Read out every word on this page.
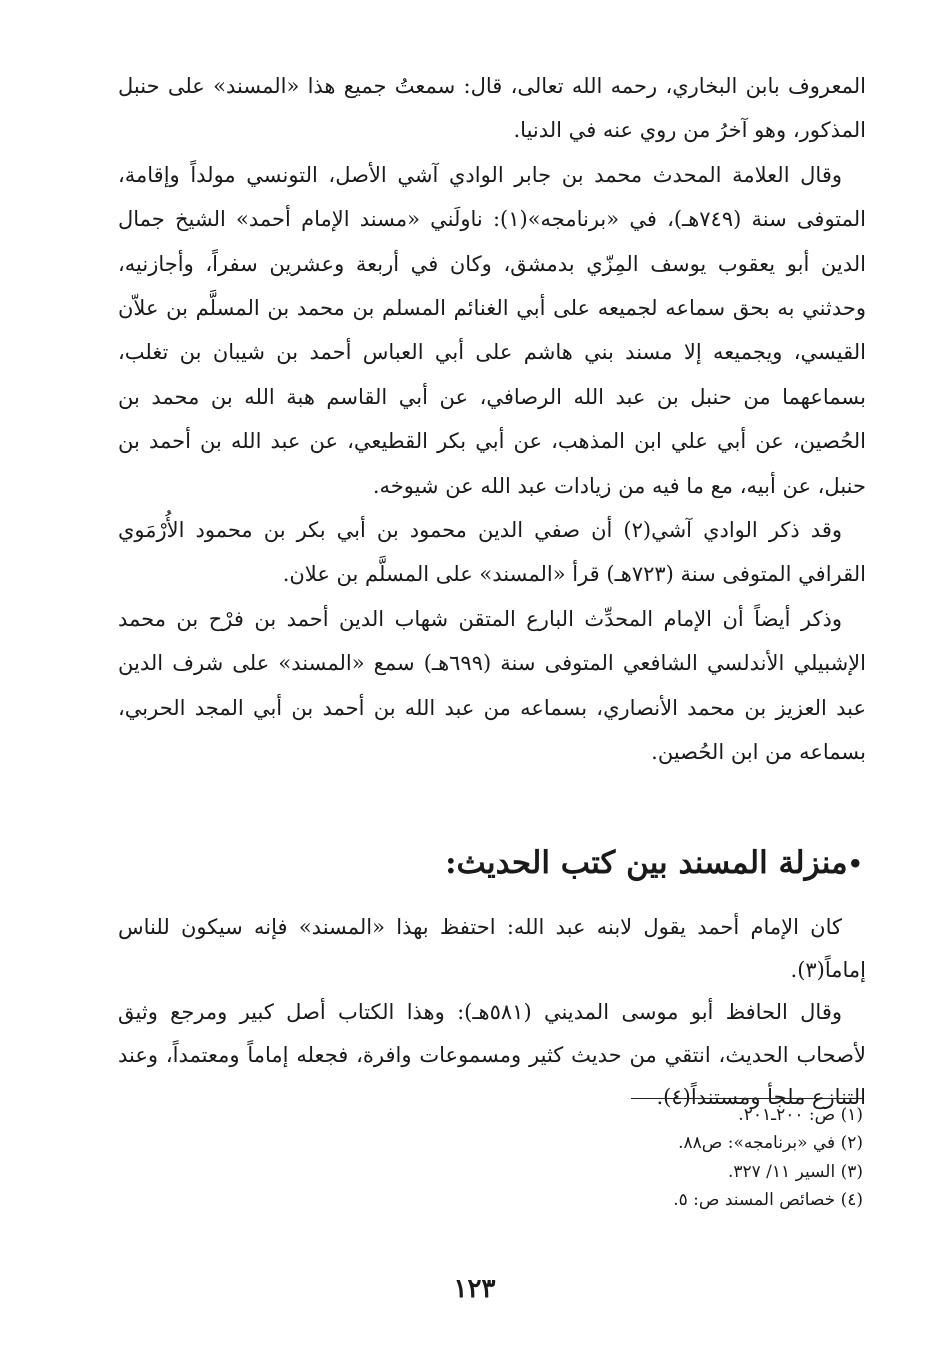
المعروف بابن البخاري، رحمه الله تعالى، قال: سمعتُ جميع هذا «المسند» على حنبل المذكور، وهو آخرُ من روي عنه في الدنيا.

وقال العلامة المحدث محمد بن جابر الوادي آشي الأصل، التونسي مولداً وإقامة، المتوفى سنة (٧٤٩هـ)، في «برنامجه»(١): ناولَني «مسند الإمام أحمد» الشيخ جمال الدين أبو يعقوب يوسف المِزّي بدمشق، وكان في أربعة وعشرين سفراً، وأجازنيه، وحدثني به بحق سماعه لجميعه على أبي الغنائم المسلم بن محمد بن المسلَّم بن علاّن القيسي، ويجميعه إلا مسند بني هاشم على أبي العباس أحمد بن شيبان بن تغلب، بسماعهما من حنبل بن عبد الله الرصافي، عن أبي القاسم هبة الله بن محمد بن الحُصين، عن أبي علي ابن المذهب، عن أبي بكر القطيعي، عن عبد الله بن أحمد بن حنبل، عن أبيه، مع ما فيه من زيادات عبد الله عن شيوخه.

وقد ذكر الوادي آشي(٢) أن صفي الدين محمود بن أبي بكر بن محمود الأُرْمَوي القرافي المتوفى سنة (٧٢٣هـ) قرأ «المسند» على المسلَّم بن علان.

وذكر أيضاً أن الإمام المحدِّث البارع المتقن شهاب الدين أحمد بن فرْح بن محمد الإشبيلي الأندلسي الشافعي المتوفى سنة (٦٩٩هـ) سمع «المسند» على شرف الدين عبد العزيز بن محمد الأنصاري، بسماعه من عبد الله بن أحمد بن أبي المجد الحربي، بسماعه من ابن الحُصين.

•منزلة المسند بين كتب الحديث:

كان الإمام أحمد يقول لابنه عبد الله: احتفظ بهذا «المسند» فإنه سيكون للناس إماماً(٣).

وقال الحافظ أبو موسى المديني (٥٨١هـ): وهذا الكتاب أصل كبير ومرجع وثيق لأصحاب الحديث، انتقي من حديث كثير ومسموعات وافرة، فجعله إماماً ومعتمداً، وعند التنازع ملجأ ومستنداً(٤).

(١) ص: ٢٠٠ـ٢٠١.
(٢) في «برنامجه»: ص٨٨.
(٣) السير ١١/ ٣٢٧.
(٤) خصائص المسند ص: ٥.
١٢٣
